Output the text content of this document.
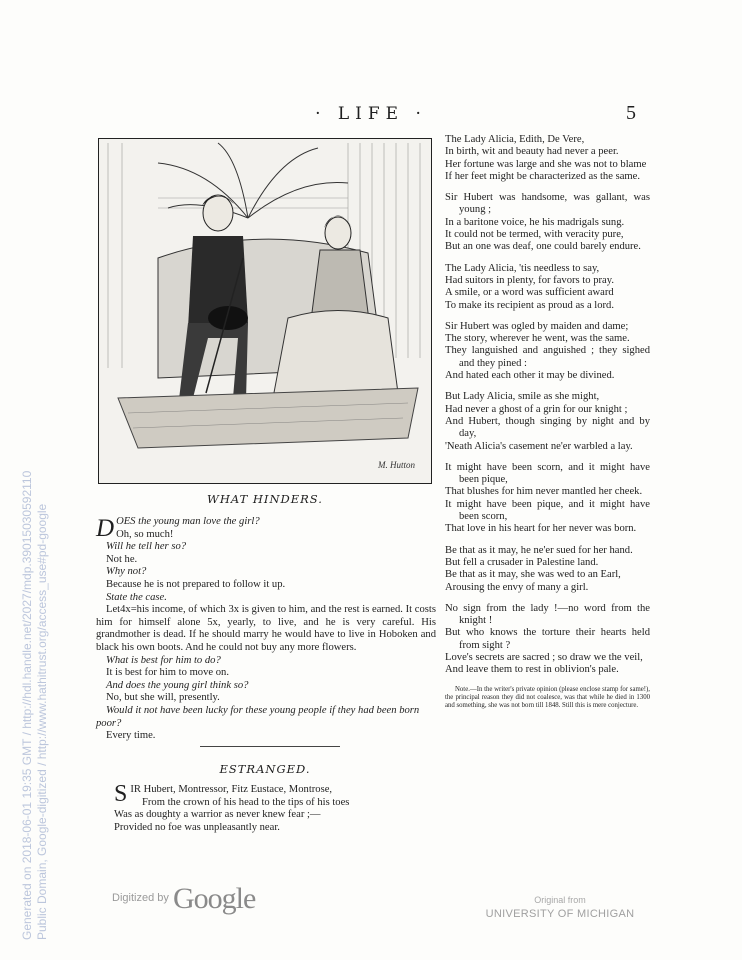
· LIFE ·	5
M. Hutton
WHAT HINDERS.

DOES the young man love the girl?

Oh, so much!

Will he tell her so?

Not he.

Why not?

Because he is not prepared to follow it up.

State the case.

Let4x=his income, of which 3x is given to him, and the rest is earned. It costs him for himself alone 5x, yearly, to live, and he is very careful. His grandmother is dead. If he should marry he would have to live in Hoboken and black his own boots. And he could not buy any more flowers.

What is best for him to do?

It is best for him to move on.

And does the young girl think so?

No, but she will, presently.

Would it not have been lucky for these young people if they had been born poor?

Every time.

ESTRANGED.

SIR Hubert, Montressor, Fitz Eustace, Montrose,

From the crown of his head to the tips of his toes

Was as doughty a warrior as never knew fear ;—

Provided no foe was unpleasantly near.

The Lady Alicia, Edith, De Vere,

In birth, wit and beauty had never a peer.

Her fortune was large and she was not to blame

If her feet might be characterized as the same.

Sir Hubert was handsome, was gallant, was young ;

In a baritone voice, he his madrigals sung.

It could not be termed, with veracity pure,

But an one was deaf, one could barely endure.

The Lady Alicia, 'tis needless to say,

Had suitors in plenty, for favors to pray.

A smile, or a word was sufficient award

To make its recipient as proud as a lord.

Sir Hubert was ogled by maiden and dame;

The story, wherever he went, was the same.

They languished and anguished ; they sighed and they pined :

And hated each other it may be divined.

But Lady Alicia, smile as she might,

Had never a ghost of a grin for our knight ;

And Hubert, though singing by night and by day,

'Neath Alicia's casement ne'er warbled a lay.

It might have been scorn, and it might have been pique,

That blushes for him never mantled her cheek.

It might have been pique, and it might have been scorn,

That love in his heart for her never was born.

Be that as it may, he ne'er sued for her hand.

But fell a crusader in Palestine land.

Be that as it may, she was wed to an Earl,

Arousing the envy of many a girl.

No sign from the lady !—no word from the knight !

But who knows the torture their hearts held from sight ?

Love's secrets are sacred ; so draw we the veil,

And leave them to rest in oblivion's pale.

Note.—In the writer's private opinion (please enclose stamp for same!), the principal reason they did not coalesce, was that while he died in 1300 and something, she was not born till 1848. Still this is mere conjecture.

Digitized by Google	Original from
UNIVERSITY OF MICHIGAN
Generated on 2018-06-01 19:35 GMT / http://hdl.handle.net/2027/mdp.39015030592110 Public Domain, Google-digitized / http://www.hathitrust.org/access_use#pd-google
